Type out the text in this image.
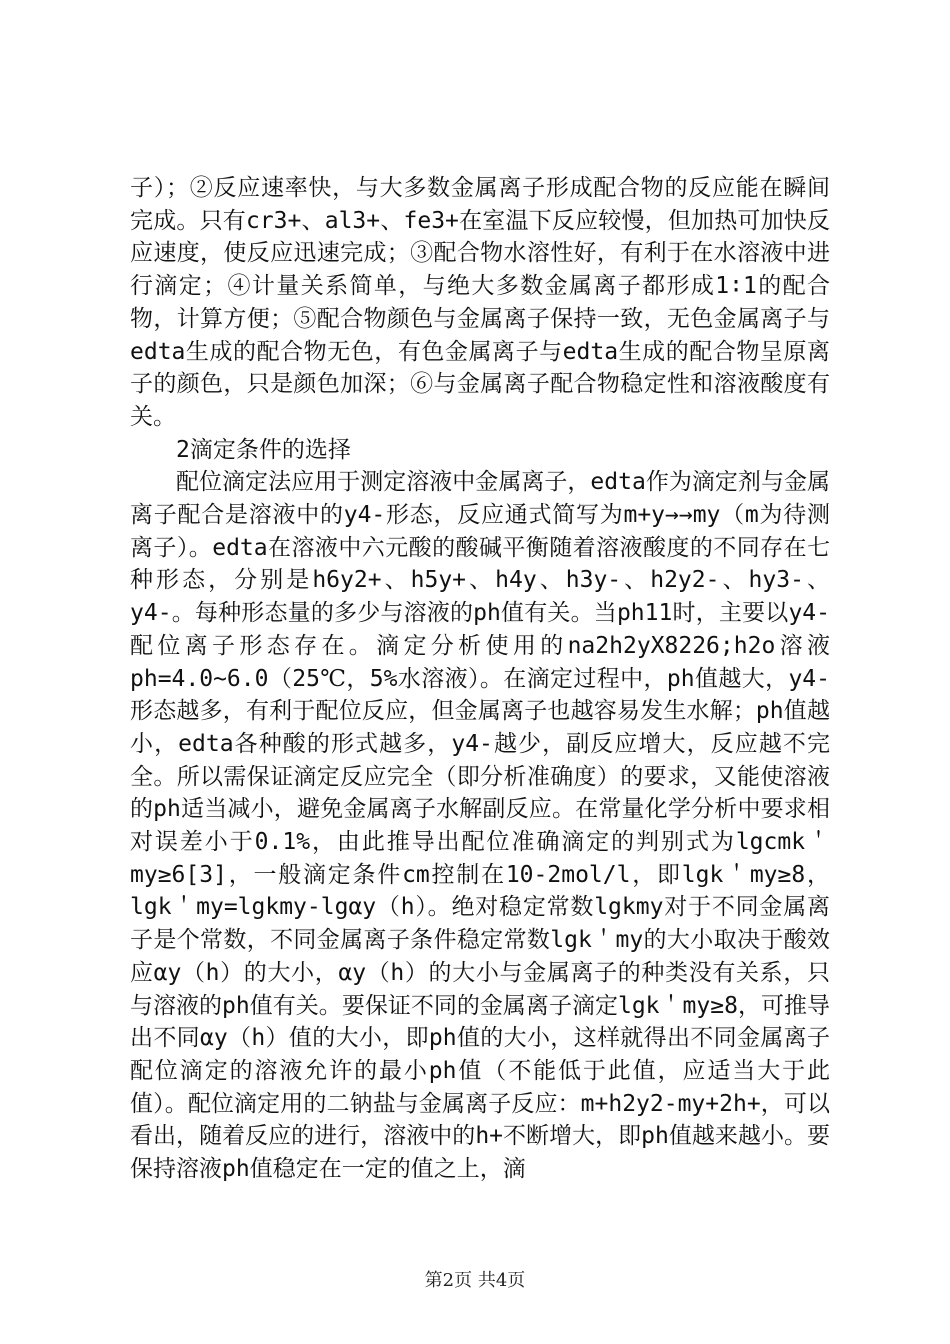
子）；②反应速率快，与大多数金属离子形成配合物的反应能在瞬间完成。只有cr3+、al3+、fe3+在室温下反应较慢，但加热可加快反应速度，使反应迅速完成；③配合物水溶性好，有利于在水溶液中进行滴定；④计量关系简单，与绝大多数金属离子都形成1∶1的配合物，计算方便；⑤配合物颜色与金属离子保持一致，无色金属离子与edta生成的配合物无色，有色金属离子与edta生成的配合物呈原离子的颜色，只是颜色加深；⑥与金属离子配合物稳定性和溶液酸度有关。

2滴定条件的选择

配位滴定法应用于测定溶液中金属离子，edta作为滴定剂与金属离子配合是溶液中的y4-形态，反应通式简写为m+y→→my（m为待测离子）。edta在溶液中六元酸的酸碱平衡随着溶液酸度的不同存在七种形态，分别是h6y2+、h5y+、h4y、h3y-、h2y2-、hy3-、y4-。每种形态量的多少与溶液的ph值有关。当ph11时，主要以y4-配位离子形态存在。滴定分析使用的na2h2yX8226;h2o溶液ph=4.0~6.0（25℃，5%水溶液）。在滴定过程中，ph值越大，y4-形态越多，有利于配位反应，但金属离子也越容易发生水解；ph值越小，edta各种酸的形式越多，y4-越少，副反应增大，反应越不完全。所以需保证滴定反应完全（即分析准确度）的要求，又能使溶液的ph适当减小，避免金属离子水解副反应。在常量化学分析中要求相对误差小于0.1%，由此推导出配位准确滴定的判别式为lgcmk＇my≥6[3]，一般滴定条件cm控制在10-2mol/l，即lgk＇my≥8，lgk＇my=lgkmy-lgαy（h）。绝对稳定常数lgkmy对于不同金属离子是个常数，不同金属离子条件稳定常数lgk＇my的大小取决于酸效应αy（h）的大小，αy（h）的大小与金属离子的种类没有关系，只与溶液的ph值有关。要保证不同的金属离子滴定lgk＇my≥8，可推导出不同αy（h）值的大小，即ph值的大小，这样就得出不同金属离子配位滴定的溶液允许的最小ph值（不能低于此值，应适当大于此值）。配位滴定用的二钠盐与金属离子反应：m+h2y2-my+2h+，可以看出，随着反应的进行，溶液中的h+不断增大，即ph值越来越小。要保持溶液ph值稳定在一定的值之上，滴

第2页 共4页
